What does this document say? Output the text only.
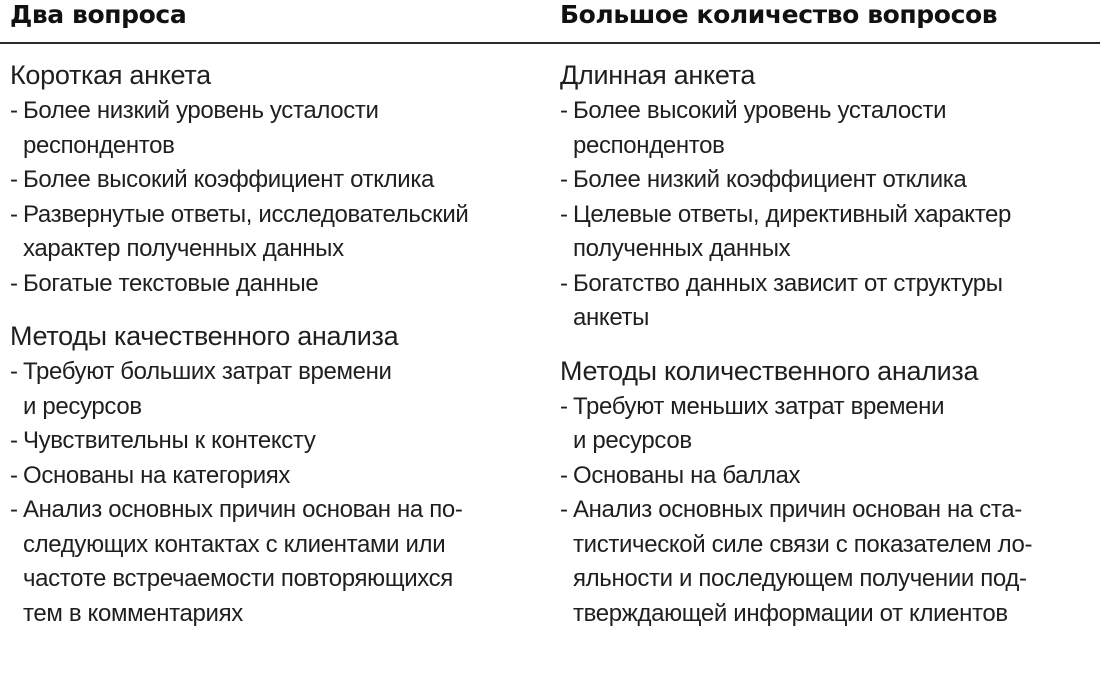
Два вопроса	Большое количество вопросов
Короткая анкета
- Более низкий уровень усталости
респондентов
- Более высокий коэффициент отклика
- Развернутые ответы, исследовательский
характер полученных данных
- Богатые текстовые данные
Методы качественного анализа
- Требуют больших затрат времени
и ресурсов
- Чувствительны к контексту
- Основаны на категориях
- Анализ основных причин основан на по-
следующих контактах с клиентами или
частоте встречаемости повторяющихся
тем в комментариях
Длинная анкета
- Более высокий уровень усталости
респондентов
- Более низкий коэффициент отклика
- Целевые ответы, директивный характер
полученных данных
- Богатство данных зависит от структуры
анкеты
Методы количественного анализа
- Требуют меньших затрат времени
и ресурсов
- Основаны на баллах
- Анализ основных причин основан на ста-
тистической силе связи с показателем ло-
яльности и последующем получении под-
тверждающей информации от клиентов
